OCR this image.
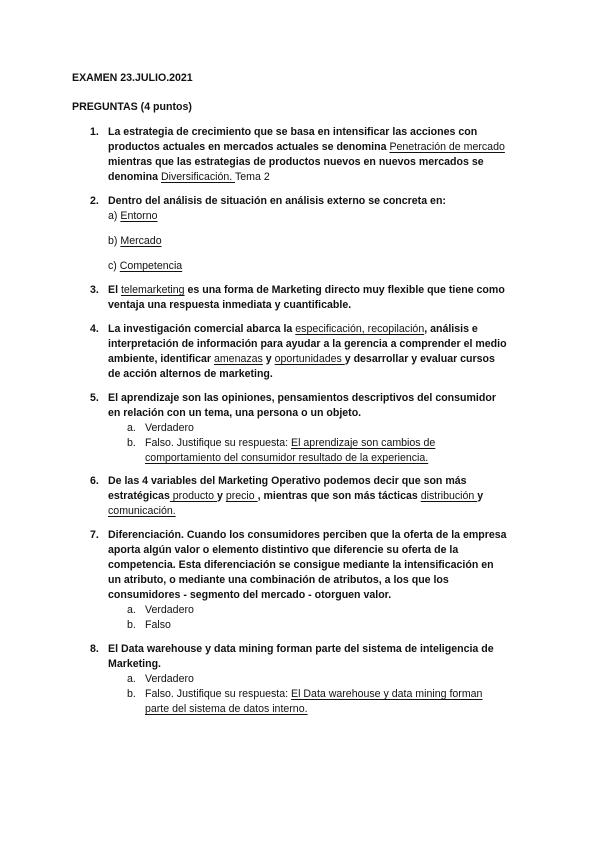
EXAMEN 23.JULIO.2021
PREGUNTAS (4 puntos)
1. La estrategia de crecimiento que se basa en intensificar las acciones con
productos actuales en mercados actuales se denomina Penetración de mercado
mientras que las estrategias de productos nuevos en nuevos mercados se
denomina Diversificación. Tema 2
2. Dentro del análisis de situación en análisis externo se concreta en:
a) Entorno
b) Mercado
c) Competencia
3. El telemarketing es una forma de Marketing directo muy flexible que tiene como
ventaja una respuesta inmediata y cuantificable.
4. La investigación comercial abarca la especificación, recopilación, análisis e
interpretación de información para ayudar a la gerencia a comprender el medio
ambiente, identificar amenazas y oportunidades y desarrollar y evaluar cursos
de acción alternos de marketing.
5. El aprendizaje son las opiniones, pensamientos descriptivos del consumidor
en relación con un tema, una persona o un objeto.
a. Verdadero
b. Falso. Justifique su respuesta: El aprendizaje son cambios de
comportamiento del consumidor resultado de la experiencia.
6. De las 4 variables del Marketing Operativo podemos decir que son más
estratégicas producto y precio , mientras que son más tácticas distribución y
comunicación.
7. Diferenciación. Cuando los consumidores perciben que la oferta de la empresa
aporta algún valor o elemento distintivo que diferencie su oferta de la
competencia. Esta diferenciación se consigue mediante la intensificación en
un atributo, o mediante una combinación de atributos, a los que los
consumidores - segmento del mercado - otorguen valor.
a. Verdadero
b. Falso
8. El Data warehouse y data mining forman parte del sistema de inteligencia de
Marketing.
a. Verdadero
b. Falso. Justifique su respuesta: El Data warehouse y data mining forman
parte del sistema de datos interno.
